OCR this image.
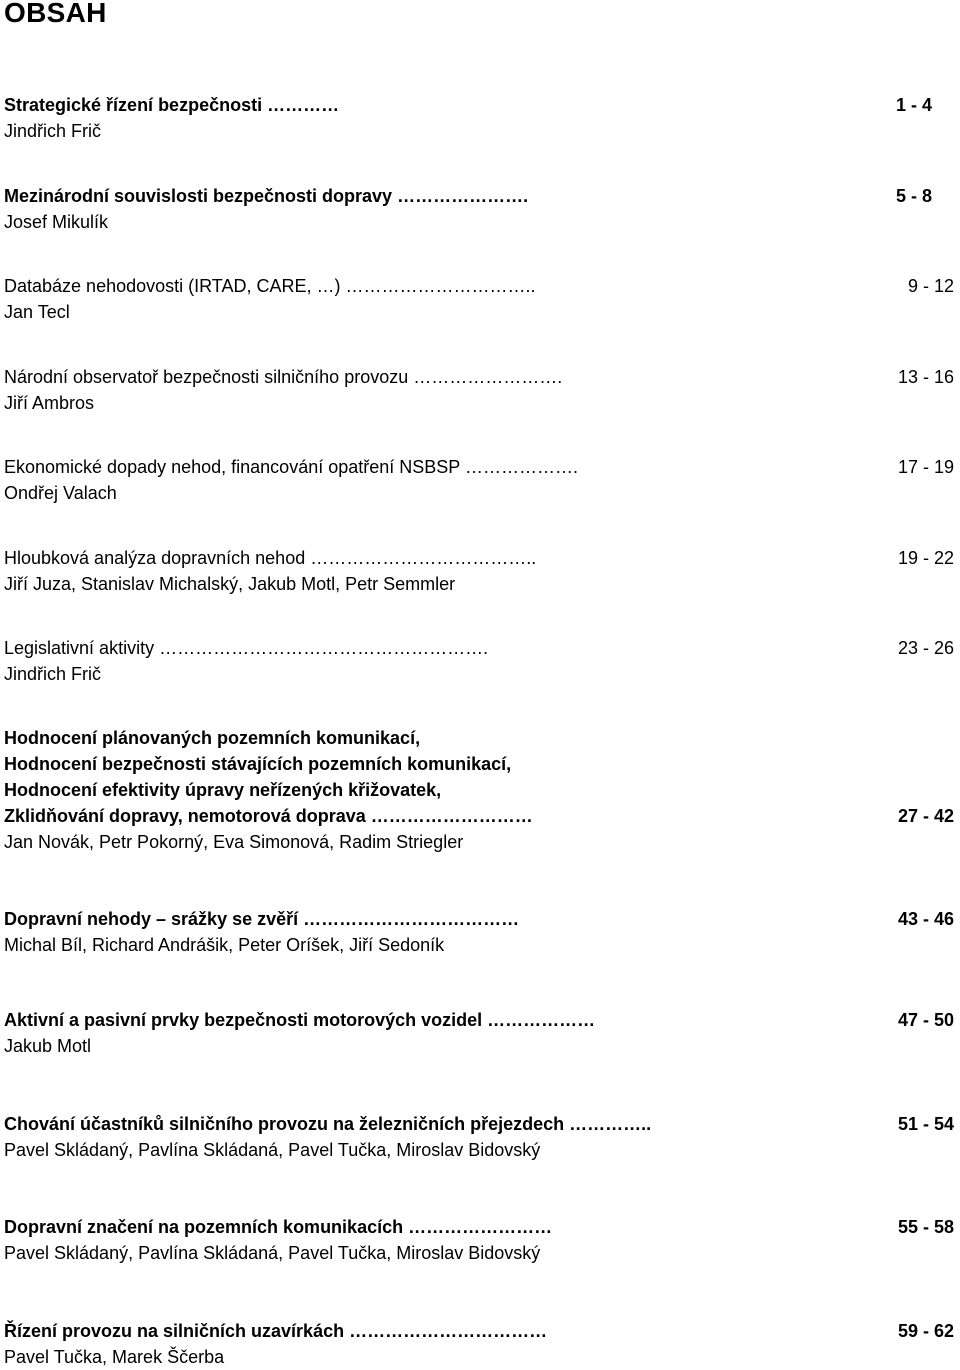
OBSAH
Strategické řízení bezpečnosti …………	1 - 4
Jindřich Frič
Mezinárodní souvislosti bezpečnosti dopravy ………………….	5 - 8
Josef Mikulík
Databáze nehodovosti (IRTAD, CARE, …) …………………………..	9 - 12
Jan Tecl
Národní observatoř bezpečnosti silničního provozu …………………….	13 - 16
Jiří Ambros
Ekonomické dopady nehod, financování opatření NSBSP ……………….	17 - 19
Ondřej Valach
Hloubková analýza dopravních nehod ………………………………..	19 - 22
Jiří Juza, Stanislav Michalský, Jakub Motl, Petr Semmler
Legislativní aktivity ……………………………………………….	23 - 26
Jindřich Frič
Hodnocení plánovaných pozemních komunikací,
Hodnocení bezpečnosti stávajících pozemních komunikací,
Hodnocení efektivity úpravy neřízených křižovatek,
Zklidňování dopravy, nemotorová doprava ………………………	27 - 42
Jan Novák, Petr Pokorný, Eva Simonová, Radim Striegler
Dopravní nehody – srážky se zvěří ………………………………	43 - 46
Michal Bíl, Richard Andrášik, Peter Oríšek, Jiří Sedoník
Aktivní a pasivní prvky bezpečnosti motorových vozidel ………………	47 - 50
Jakub Motl
Chování účastníků silničního provozu na železničních přejezdech …………..	51 - 54
Pavel Skládaný, Pavlína Skládaná, Pavel Tučka, Miroslav Bidovský
Dopravní značení na pozemních komunikacích ……………………	55 - 58
Pavel Skládaný, Pavlína Skládaná, Pavel Tučka, Miroslav Bidovský
Řízení provozu na silničních uzavírkách ……………………………	59 - 62
Pavel Tučka, Marek Ščerba
